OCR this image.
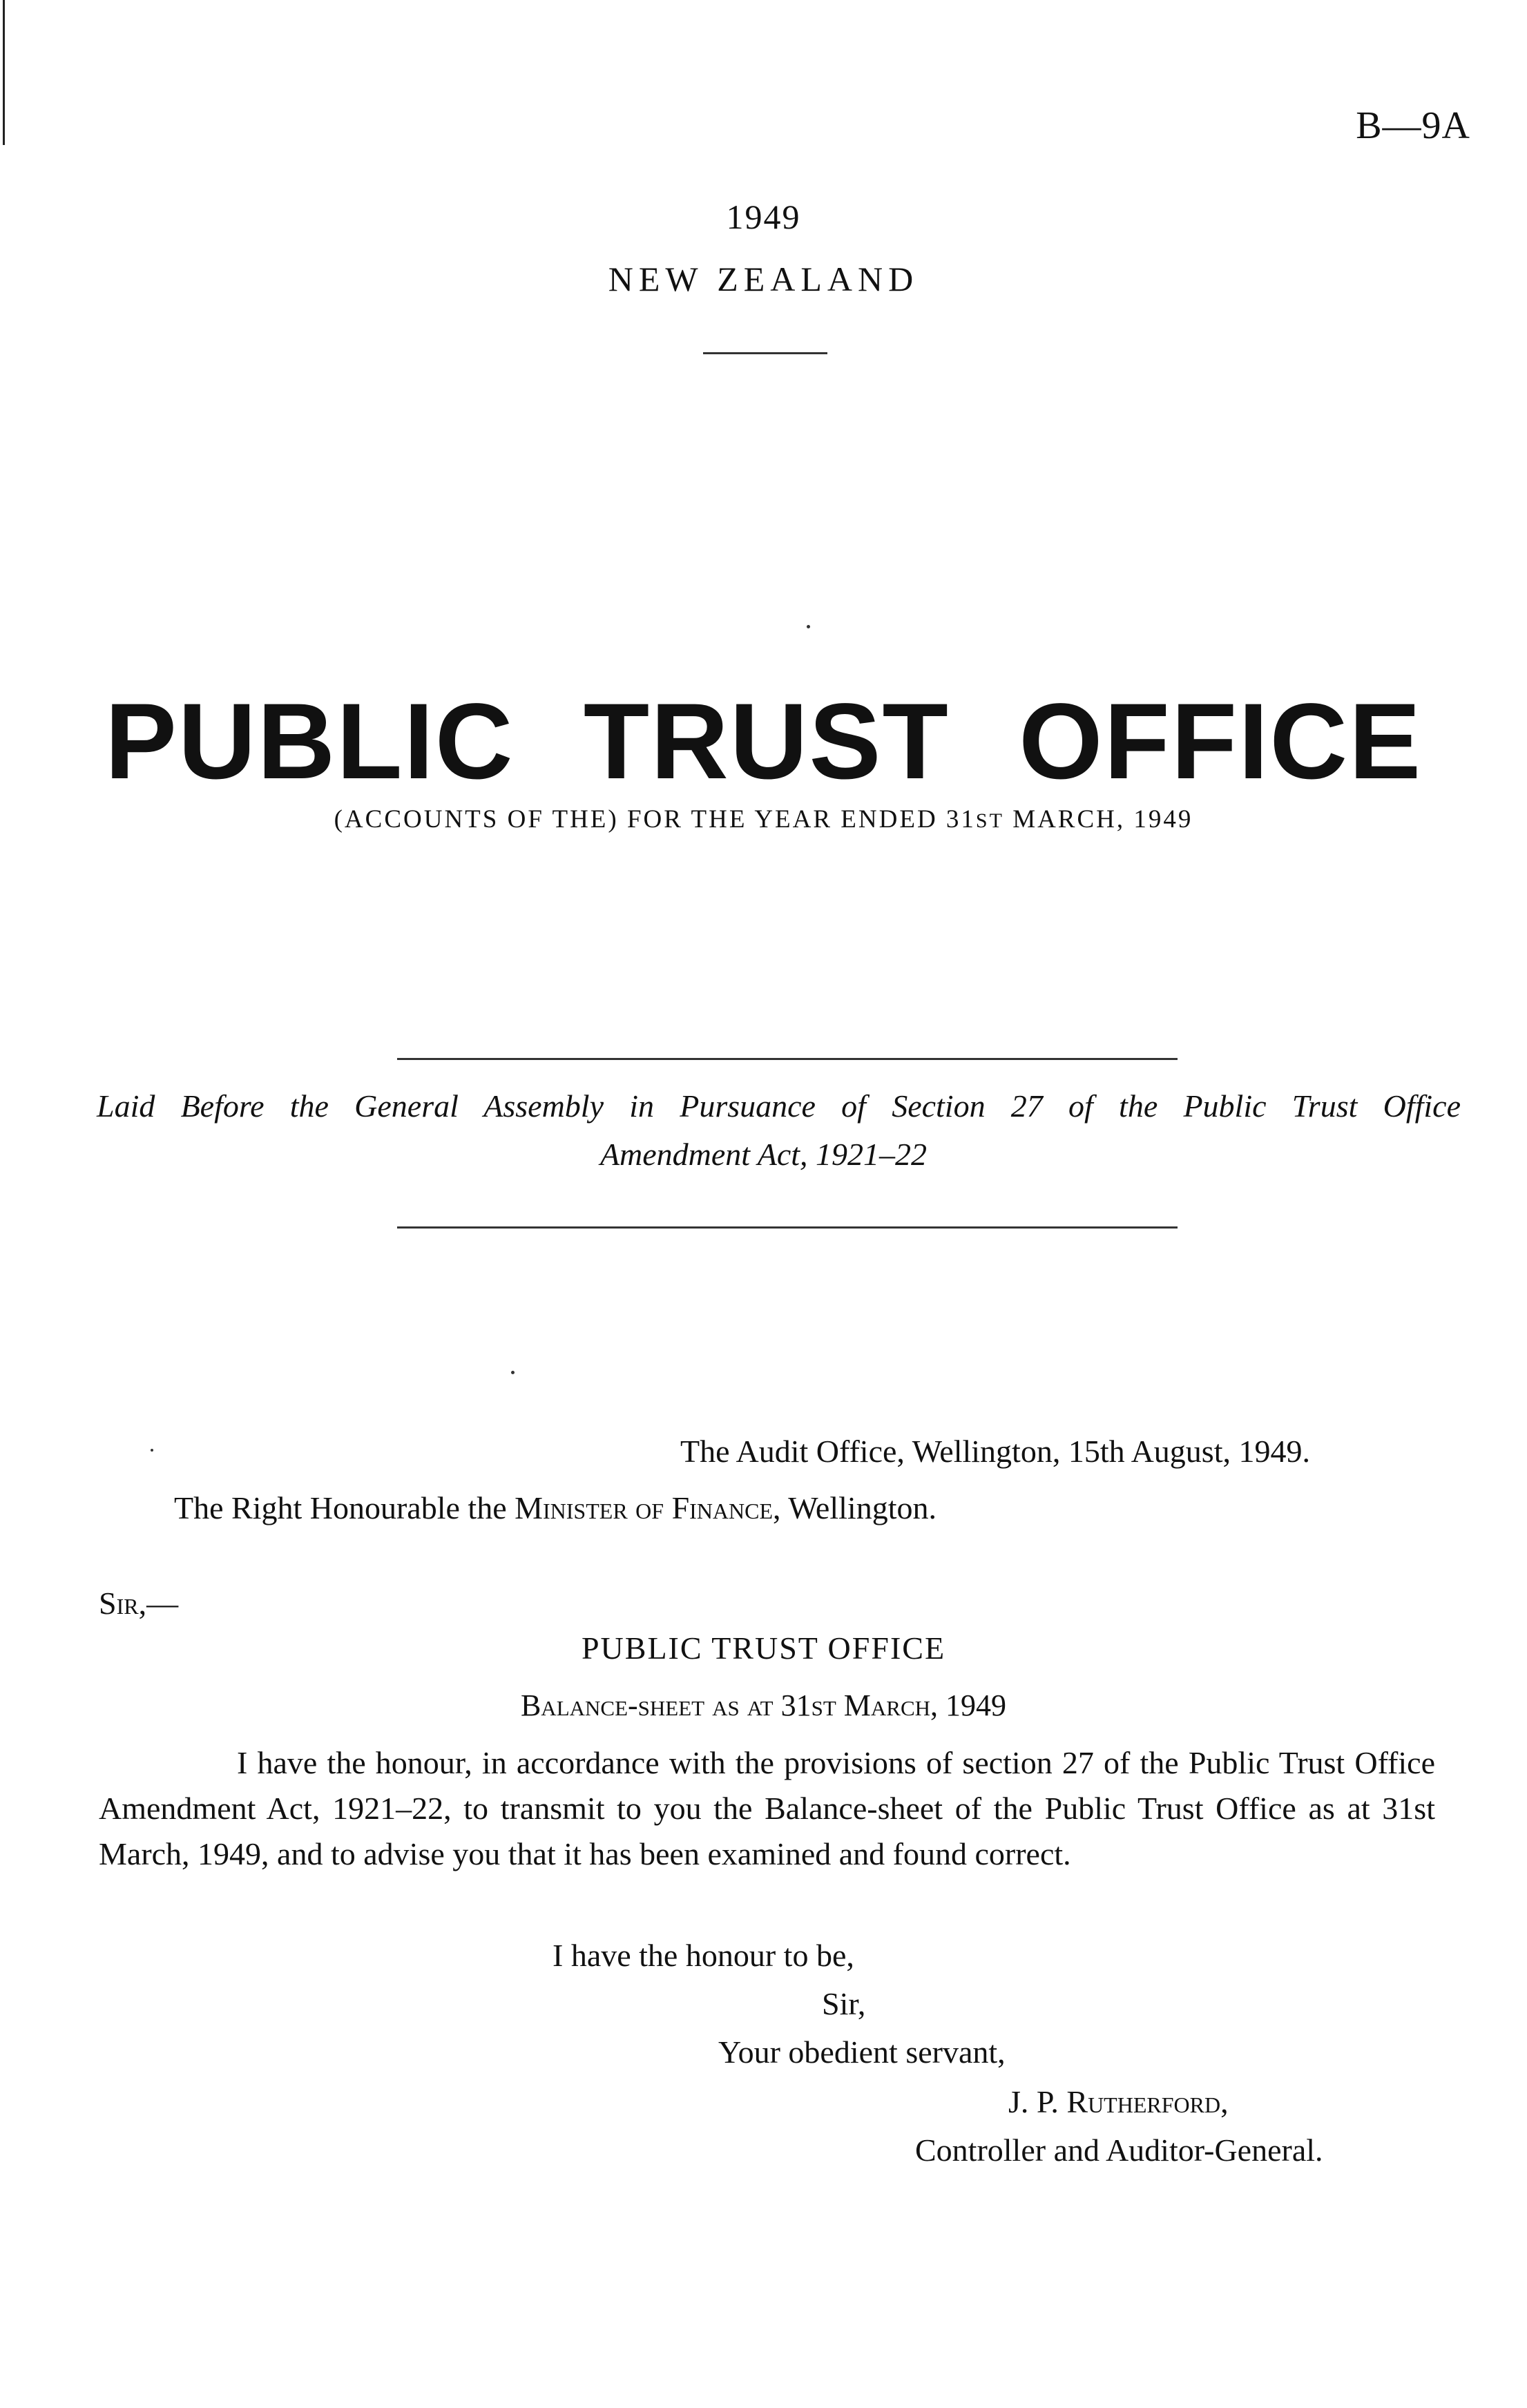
B—9A
1949
NEW ZEALAND
PUBLIC TRUST OFFICE
(ACCOUNTS OF THE) FOR THE YEAR ENDED 31ST MARCH, 1949
Laid Before the General Assembly in Pursuance of Section 27 of the Public Trust Office
Amendment Act, 1921–22
The Audit Office, Wellington, 15th August, 1949.
The Right Honourable the Minister of Finance, Wellington.
Sir,—
PUBLIC TRUST OFFICE
Balance-sheet as at 31st March, 1949
I have the honour, in accordance with the provisions of section 27 of the Public Trust Office Amendment Act, 1921–22, to transmit to you the Balance-sheet of the Public Trust Office as at 31st March, 1949, and to advise you that it has been examined and found correct.
I have the honour to be,
Sir,
Your obedient servant,
J. P. Rutherford,
Controller and Auditor-General.
